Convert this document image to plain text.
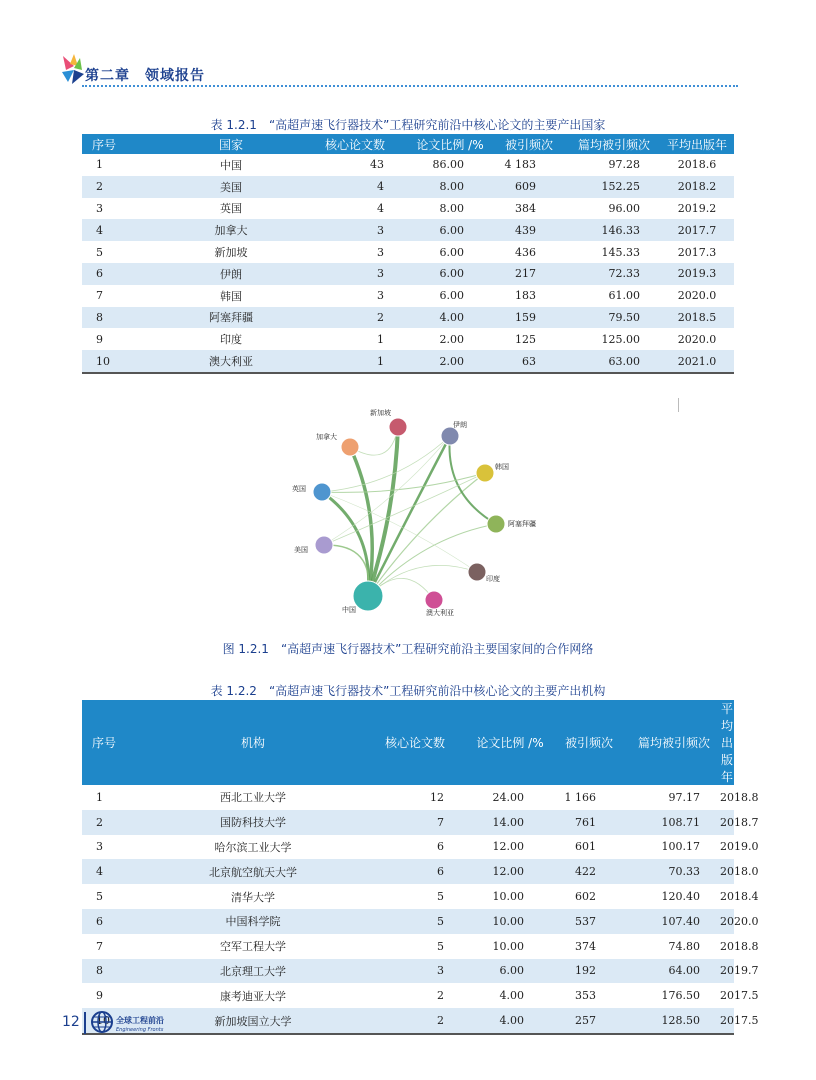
第二章　领域报告
表 1.2.1　“高超声速飞行器技术”工程研究前沿中核心论文的主要产出国家
序号	国家	核心论文数	论文比例 /%	被引频次	篇均被引频次	平均出版年
1	中国	43	86.00	4 183	97.28	2018.6
2	美国	4	8.00	609	152.25	2018.2
3	英国	4	8.00	384	96.00	2019.2
4	加拿大	3	6.00	439	146.33	2017.7
5	新加坡	3	6.00	436	145.33	2017.3
6	伊朗	3	6.00	217	72.33	2019.3
7	韩国	3	6.00	183	61.00	2020.0
8	阿塞拜疆	2	4.00	159	79.50	2018.5
9	印度	1	2.00	125	125.00	2020.0
10	澳大利亚	1	2.00	63	63.00	2021.0
新加坡
加拿大
伊朗
韩国
英国
阿塞拜疆
美国
印度
中国	澳大利亚
图 1.2.1　“高超声速飞行器技术”工程研究前沿主要国家间的合作网络
表 1.2.2　“高超声速飞行器技术”工程研究前沿中核心论文的主要产出机构
序号	机构	核心论文数	论文比例 /%	被引频次	篇均被引频次	平均出版年
1	西北工业大学	12	24.00	1 166	97.17	2018.8
2	国防科技大学	7	14.00	761	108.71	2018.7
3	哈尔滨工业大学	6	12.00	601	100.17	2019.0
4	北京航空航天大学	6	12.00	422	70.33	2018.0
5	清华大学	5	10.00	602	120.40	2018.4
6	中国科学院	5	10.00	537	107.40	2020.0
7	空军工程大学	5	10.00	374	74.80	2018.8
8	北京理工大学	3	6.00	192	64.00	2019.7
9	康考迪亚大学	2	4.00	353	176.50	2017.5
10	新加坡国立大学	2	4.00	257	128.50	2017.5
12	全球工程前沿
Engineering Fronts
